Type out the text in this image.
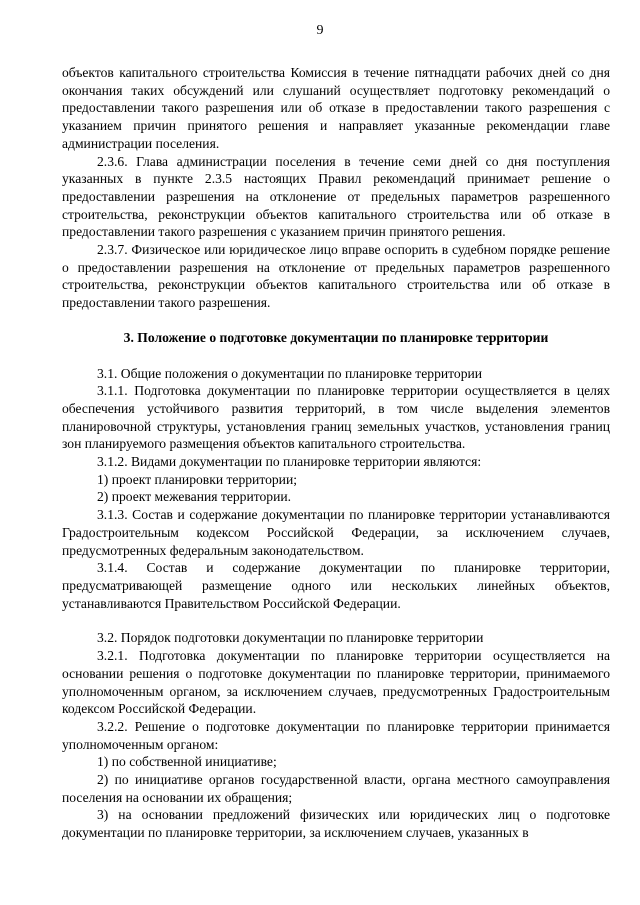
9

объектов капитального строительства Комиссия в течение пятнадцати рабочих дней со дня окончания таких обсуждений или слушаний осуществляет подготовку рекомендаций о предоставлении такого разрешения или об отказе в предоставлении такого разрешения с указанием причин принятого решения и направляет указанные рекомендации главе администрации поселения.

2.3.6. Глава администрации поселения в течение семи дней со дня поступления указанных в пункте 2.3.5 настоящих Правил рекомендаций принимает решение о предоставлении разрешения на отклонение от предельных параметров разрешенного строительства, реконструкции объектов капитального строительства или об отказе в предоставлении такого разрешения с указанием причин принятого решения.

2.3.7. Физическое или юридическое лицо вправе оспорить в судебном порядке решение о предоставлении разрешения на отклонение от предельных параметров разрешенного строительства, реконструкции объектов капитального строительства или об отказе в предоставлении такого разрешения.

3. Положение о подготовке документации по планировке территории

3.1. Общие положения о документации по планировке территории

3.1.1. Подготовка документации по планировке территории осуществляется в целях обеспечения устойчивого развития территорий, в том числе выделения элементов планировочной структуры, установления границ земельных участков, установления границ зон планируемого размещения объектов капитального строительства.

3.1.2. Видами документации по планировке территории являются:

1) проект планировки территории;

2) проект межевания территории.

3.1.3. Состав и содержание документации по планировке территории устанавливаются Градостроительным кодексом Российской Федерации, за исключением случаев, предусмотренных федеральным законодательством.

3.1.4. Состав и содержание документации по планировке территории, предусматривающей размещение одного или нескольких линейных объектов, устанавливаются Правительством Российской Федерации.

3.2. Порядок подготовки документации по планировке территории

3.2.1. Подготовка документации по планировке территории осуществляется на основании решения о подготовке документации по планировке территории, принимаемого уполномоченным органом, за исключением случаев, предусмотренных Градостроительным кодексом Российской Федерации.

3.2.2. Решение о подготовке документации по планировке территории принимается уполномоченным органом:

1) по собственной инициативе;

2) по инициативе органов государственной власти, органа местного самоуправления поселения на основании их обращения;

3) на основании предложений физических или юридических лиц о подготовке документации по планировке территории, за исключением случаев, указанных в
